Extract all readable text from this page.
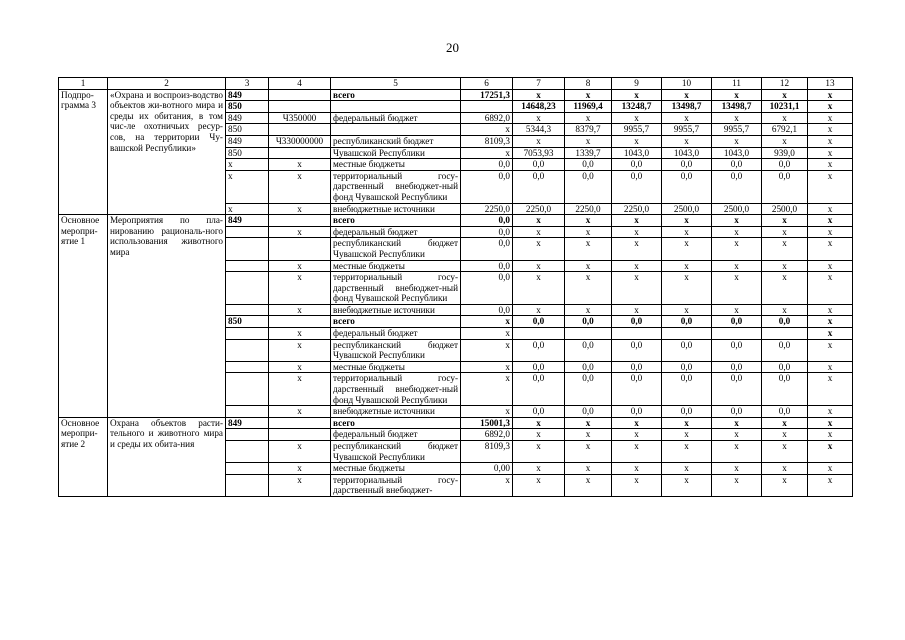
20
1	2	3	4	5	6	7	8	9	10	11	12	13
Подпро-грамма 3	«Охрана и воспроиз-водство объектов жи-вотного мира и среды их обитания, в том чис-ле охотничьих ресур-сов, на территории Чу-вашской Республики»	849		всего	17251,3	x	x	x	x	x	x	x
		850				14648,23	11969,4	13248,7	13498,7	13498,7	10231,1	x
		849	Ч350000	федеральный бюджет	6892,0	x	x	x	x	x	x	x
		850			x	5344,3	8379,7	9955,7	9955,7	9955,7	6792,1	x
		849	Ч330000000	республиканский бюджет	8109,3	x	x	x	x	x	x	x
		850		Чувашской Республики	x	7053,93	1339,7	1043,0	1043,0	1043,0	939,0	x
		x	x	местные бюджеты	0,0	0,0	0,0	0,0	0,0	0,0	0,0	x
		x	x	территориальный госу-дарственный внебюджет-ный фонд Чувашской Республики	0,0	0,0	0,0	0,0	0,0	0,0	0,0	x
		x	x	внебюджетные источники	2250,0	2250,0	2250,0	2250,0	2500,0	2500,0	2500,0	x
Основное меропри-ятие 1	Мероприятия по пла-нированию рациональ-ного использования животного мира	849		всего	0,0	x	x	x	x	x	x	x
			x	федеральный бюджет	0,0	x	x	x	x	x	x	x
				республиканский бюджет Чувашской Республики	0,0	x	x	x	x	x	x	x
			x	местные бюджеты	0,0	x	x	x	x	x	x	x
			x	территориальный госу-дарственный внебюджет-ный фонд Чувашской Республики	0,0	x	x	x	x	x	x	x
			x	внебюджетные источники	0,0	x	x	x	x	x	x	x
		850		всего	x	0,0	0,0	0,0	0,0	0,0	0,0	x
			x	федеральный бюджет	x							x
			x	республиканский бюджет Чувашской Республики	x	0,0	0,0	0,0	0,0	0,0	0,0	x
			x	местные бюджеты	x	0,0	0,0	0,0	0,0	0,0	0,0	x
			x	территориальный госу-дарственный внебюджет-ный фонд Чувашской Республики	x	0,0	0,0	0,0	0,0	0,0	0,0	x
			x	внебюджетные источники	x	0,0	0,0	0,0	0,0	0,0	0,0	x
Основное меропри-ятие 2	Охрана объектов расти-тельного и животного мира и среды их обита-ния	849		всего	15001,3	x	x	x	x	x	x	x
				федеральный бюджет	6892,0	x	x	x	x	x	x	x
			x	республиканский бюджет Чувашской Республики	8109,3	x	x	x	x	x	x	x
			x	местные бюджеты	0,00	x	x	x	x	x	x	x
			x	территориальный госу-дарственный внебюджет-	x	x	x	x	x	x	x	x
